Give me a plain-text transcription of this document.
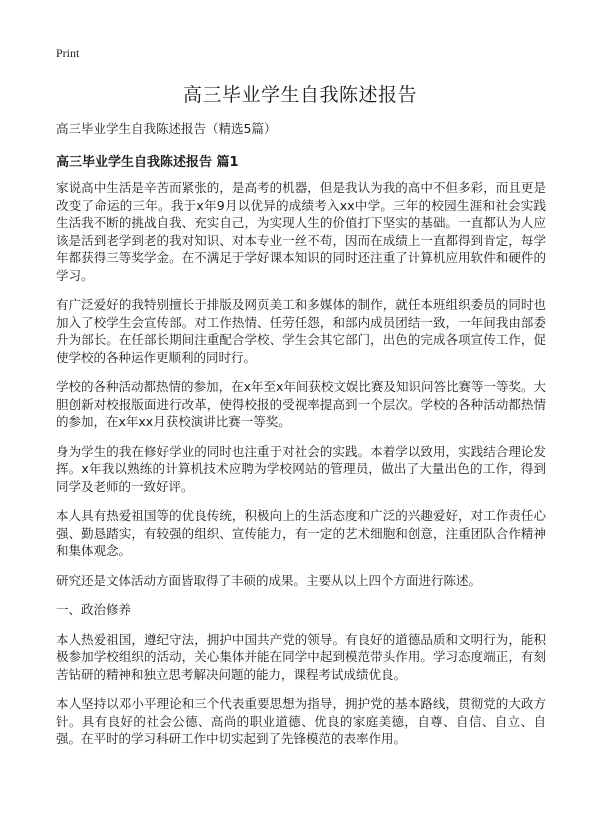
Print
高三毕业学生自我陈述报告

高三毕业学生自我陈述报告（精选5篇）

高三毕业学生自我陈述报告 篇1

家说高中生活是辛苦而紧张的，是高考的机器，但是我认为我的高中不但多彩，而且更是改变了命运的三年。我于x年9月以优异的成绩考入xx中学。三年的校园生涯和社会实践生活我不断的挑战自我、充实自己，为实现人生的价值打下坚实的基础。一直都认为人应该是活到老学到老的我对知识、对本专业一丝不苟，因而在成绩上一直都得到肯定，每学年都获得三等奖学金。在不满足于学好课本知识的同时还注重了计算机应用软件和硬件的学习。

有广泛爱好的我特别擅长于排版及网页美工和多媒体的制作，就任本班组织委员的同时也加入了校学生会宣传部。对工作热情、任劳任怨，和部内成员团结一致，一年间我由部委升为部长。在任部长期间注重配合学校、学生会其它部门，出色的完成各项宣传工作，促使学校的各种运作更顺利的同时行。

学校的各种活动都热情的参加，在x年至x年间获校文娱比赛及知识问答比赛等一等奖。大胆创新对校报版面进行改革，使得校报的受视率提高到一个层次。学校的各种活动都热情的参加，在x年xx月获校演讲比赛一等奖。

身为学生的我在修好学业的同时也注重于对社会的实践。本着学以致用，实践结合理论发挥。x年我以熟练的计算机技术应聘为学校网站的管理员，做出了大量出色的工作，得到同学及老师的一致好评。

本人具有热爱祖国等的优良传统，积极向上的生活态度和广泛的兴趣爱好，对工作责任心强、勤恳踏实，有较强的组织、宣传能力，有一定的艺术细胞和创意，注重团队合作精神和集体观念。

研究还是文体活动方面皆取得了丰硕的成果。主要从以上四个方面进行陈述。

一、政治修养

本人热爱祖国，遵纪守法，拥护中国共产党的领导。有良好的道德品质和文明行为，能积极参加学校组织的活动，关心集体并能在同学中起到模范带头作用。学习态度端正，有刻苦钻研的精神和独立思考解决问题的能力，课程考试成绩优良。

本人坚持以邓小平理论和三个代表重要思想为指导，拥护党的基本路线，贯彻党的大政方针。具有良好的社会公德、高尚的职业道德、优良的家庭美德，自尊、自信、自立、自强。在平时的学习科研工作中切实起到了先锋模范的表率作用。
